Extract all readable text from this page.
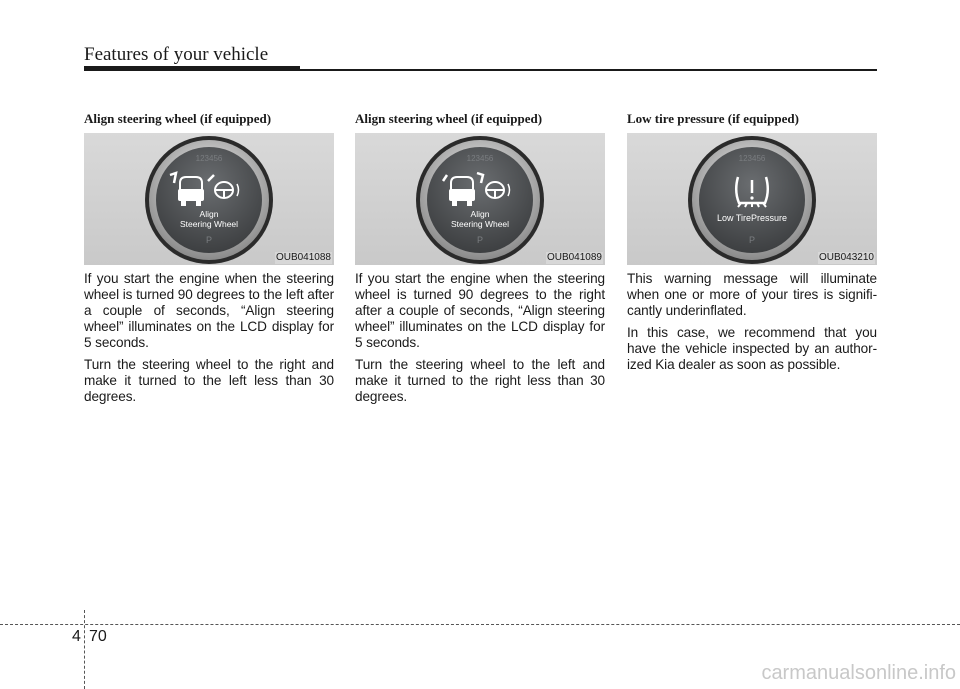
Features of your vehicle
Align steering wheel (if equipped)
123456
Align
Steering Wheel
P
OUB041088

If you start the engine when the steering wheel is turned 90 degrees to the left after a couple of seconds, “Align steering wheel” illuminates on the LCD display for 5 seconds.

Turn the steering wheel to the right and make it turned to the left less than 30 degrees.

Align steering wheel (if equipped)
123456
Align
Steering Wheel
P
OUB041089

If you start the engine when the steering wheel is turned 90 degrees to the right after a couple of seconds, “Align steering wheel” illuminates on the LCD display for 5 seconds.

Turn the steering wheel to the left and make it turned to the right less than 30 degrees.

Low tire pressure (if equipped)
123456
Low TirePressure
P
OUB043210

This warning message will illuminate when one or more of your tires is signifi-cantly underinflated.

In this case, we recommend that you have the vehicle inspected by an author-ized Kia dealer as soon as possible.

4 70
carmanualsonline.info
